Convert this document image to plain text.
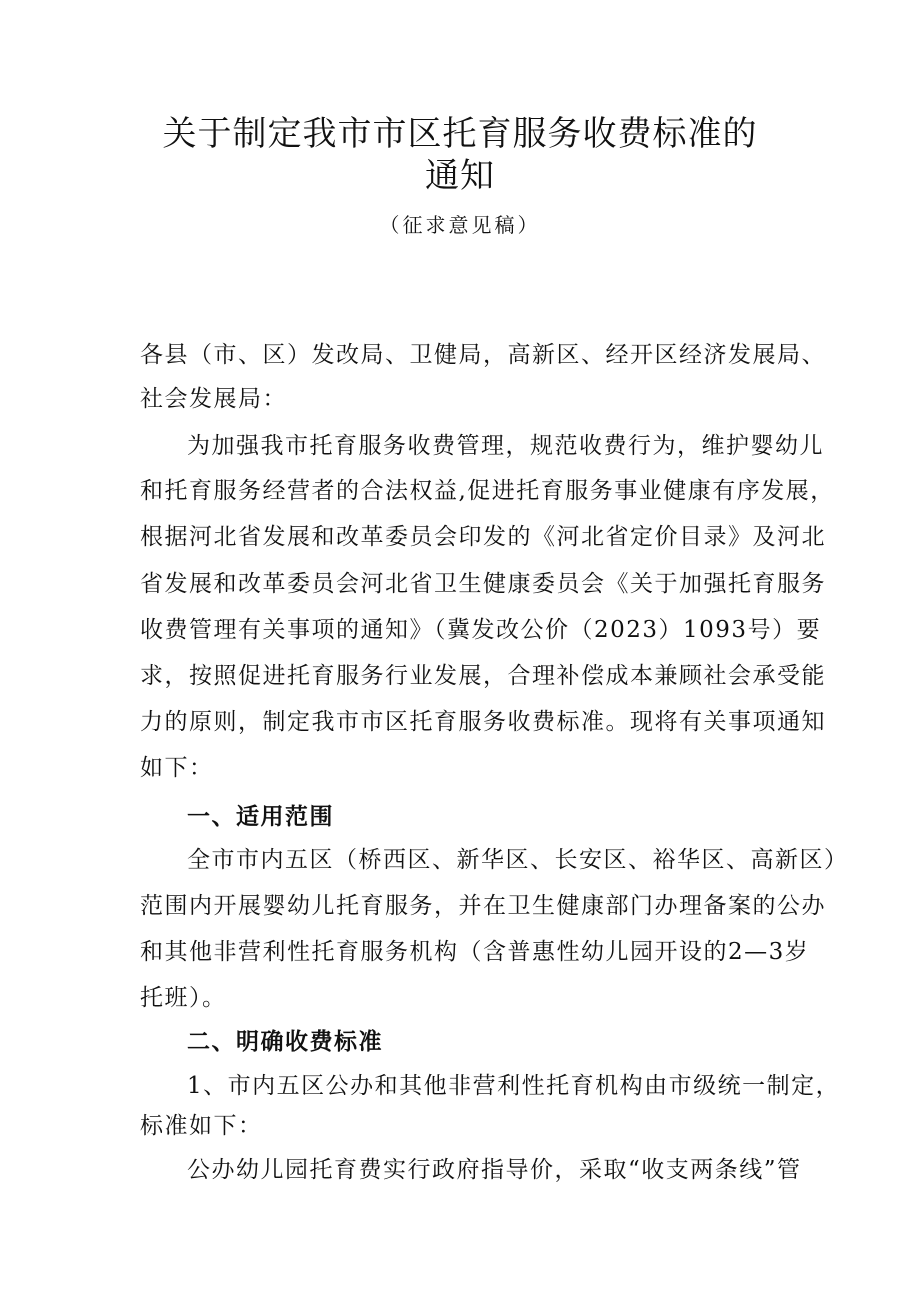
关于制定我市市区托育服务收费标准的
通知
（征求意见稿）
各县（市、区）发改局、卫健局，高新区、经开区经济发展局、
社会发展局：
为加强我市托育服务收费管理，规范收费行为，维护婴幼儿
和托育服务经营者的合法权益,促进托育服务事业健康有序发展，
根据河北省发展和改革委员会印发的《河北省定价目录》及河北
省发展和改革委员会河北省卫生健康委员会《关于加强托育服务
收费管理有关事项的通知》（冀发改公价（2023）1093号）要
求，按照促进托育服务行业发展，合理补偿成本兼顾社会承受能
力的原则，制定我市市区托育服务收费标准。现将有关事项通知
如下：
一、适用范围
全市市内五区（桥西区、新华区、长安区、裕华区、高新区）
范围内开展婴幼儿托育服务，并在卫生健康部门办理备案的公办
和其他非营利性托育服务机构（含普惠性幼儿园开设的2—3岁
托班）。
二、明确收费标准
1、市内五区公办和其他非营利性托育机构由市级统一制定，
标准如下：
公办幼儿园托育费实行政府指导价，采取“收支两条线”管
